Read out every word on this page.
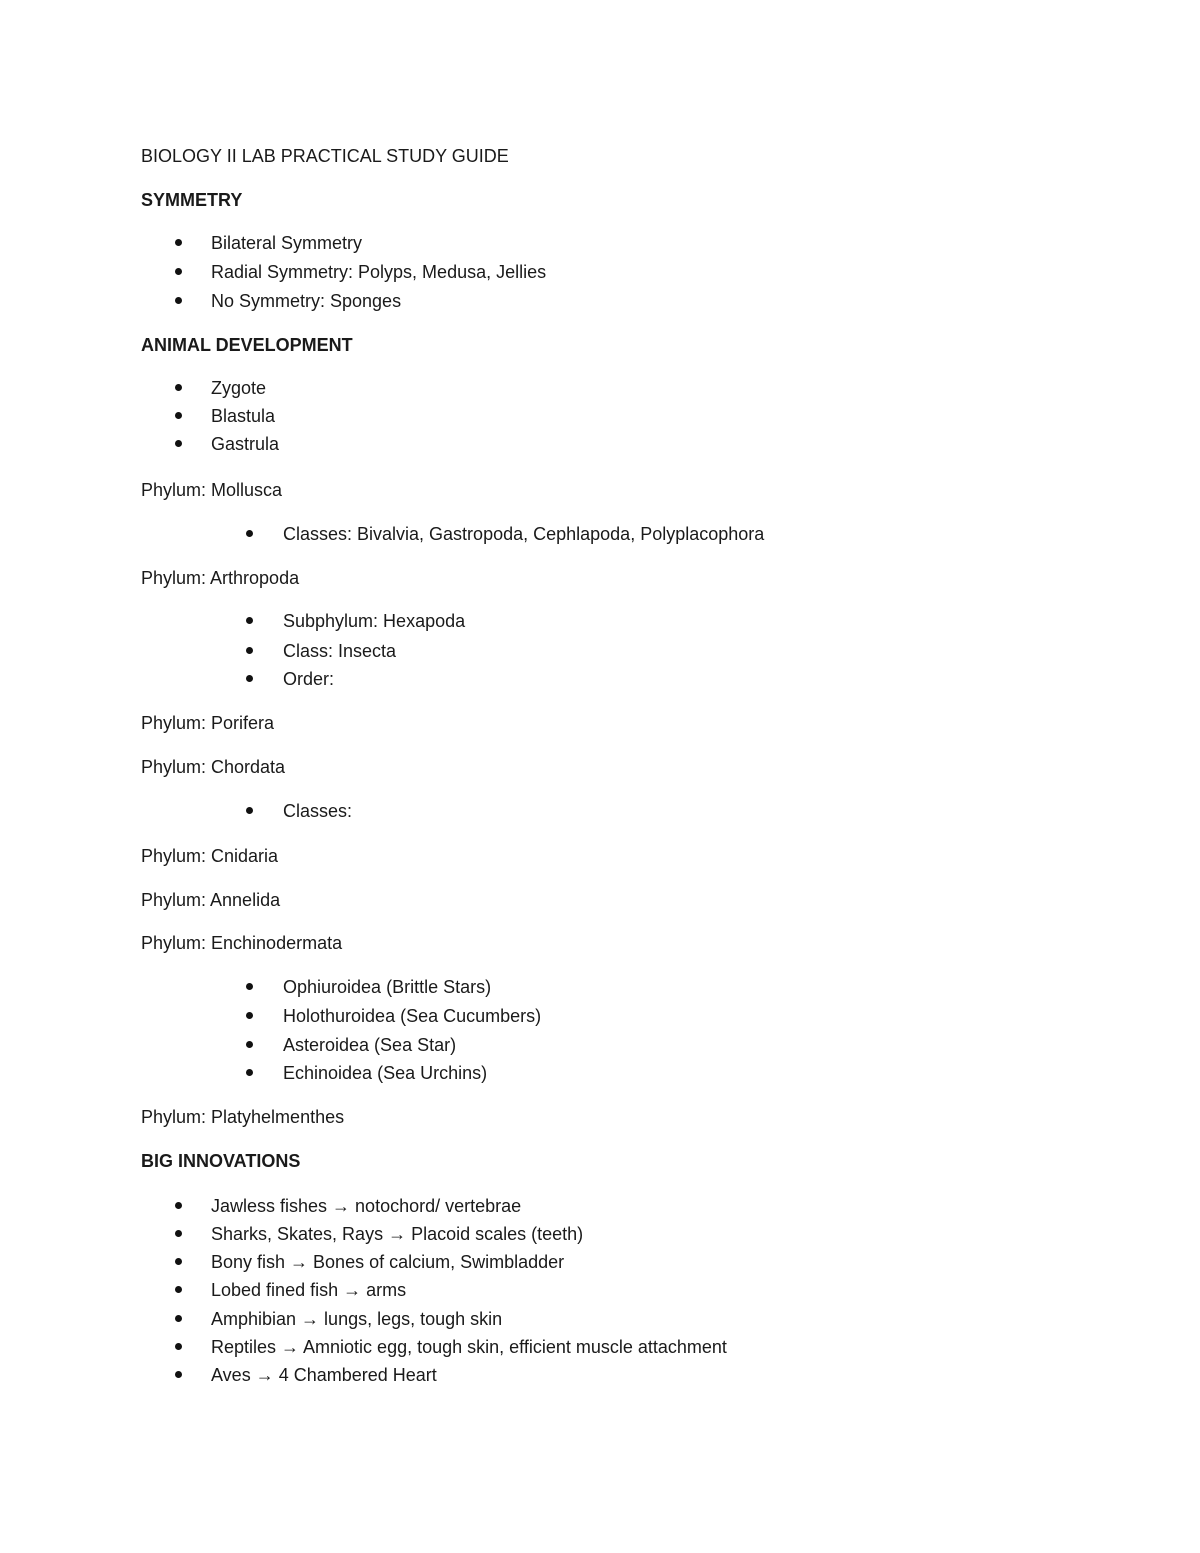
BIOLOGY II LAB PRACTICAL STUDY GUIDE
SYMMETRY
Bilateral Symmetry
Radial Symmetry: Polyps, Medusa, Jellies
No Symmetry: Sponges
ANIMAL DEVELOPMENT
Zygote
Blastula
Gastrula
Phylum: Mollusca
Classes: Bivalvia, Gastropoda, Cephlapoda, Polyplacophora
Phylum: Arthropoda
Subphylum: Hexapoda
Class: Insecta
Order:
Phylum: Porifera
Phylum: Chordata
Classes:
Phylum: Cnidaria
Phylum: Annelida
Phylum: Enchinodermata
Ophiuroidea (Brittle Stars)
Holothuroidea (Sea Cucumbers)
Asteroidea (Sea Star)
Echinoidea (Sea Urchins)
Phylum: Platyhelmenthes
BIG INNOVATIONS
Jawless fishes → notochord/ vertebrae
Sharks, Skates, Rays → Placoid scales (teeth)
Bony fish → Bones of calcium, Swimbladder
Lobed fined fish → arms
Amphibian → lungs, legs, tough skin
Reptiles → Amniotic egg, tough skin, efficient muscle attachment
Aves → 4 Chambered Heart
